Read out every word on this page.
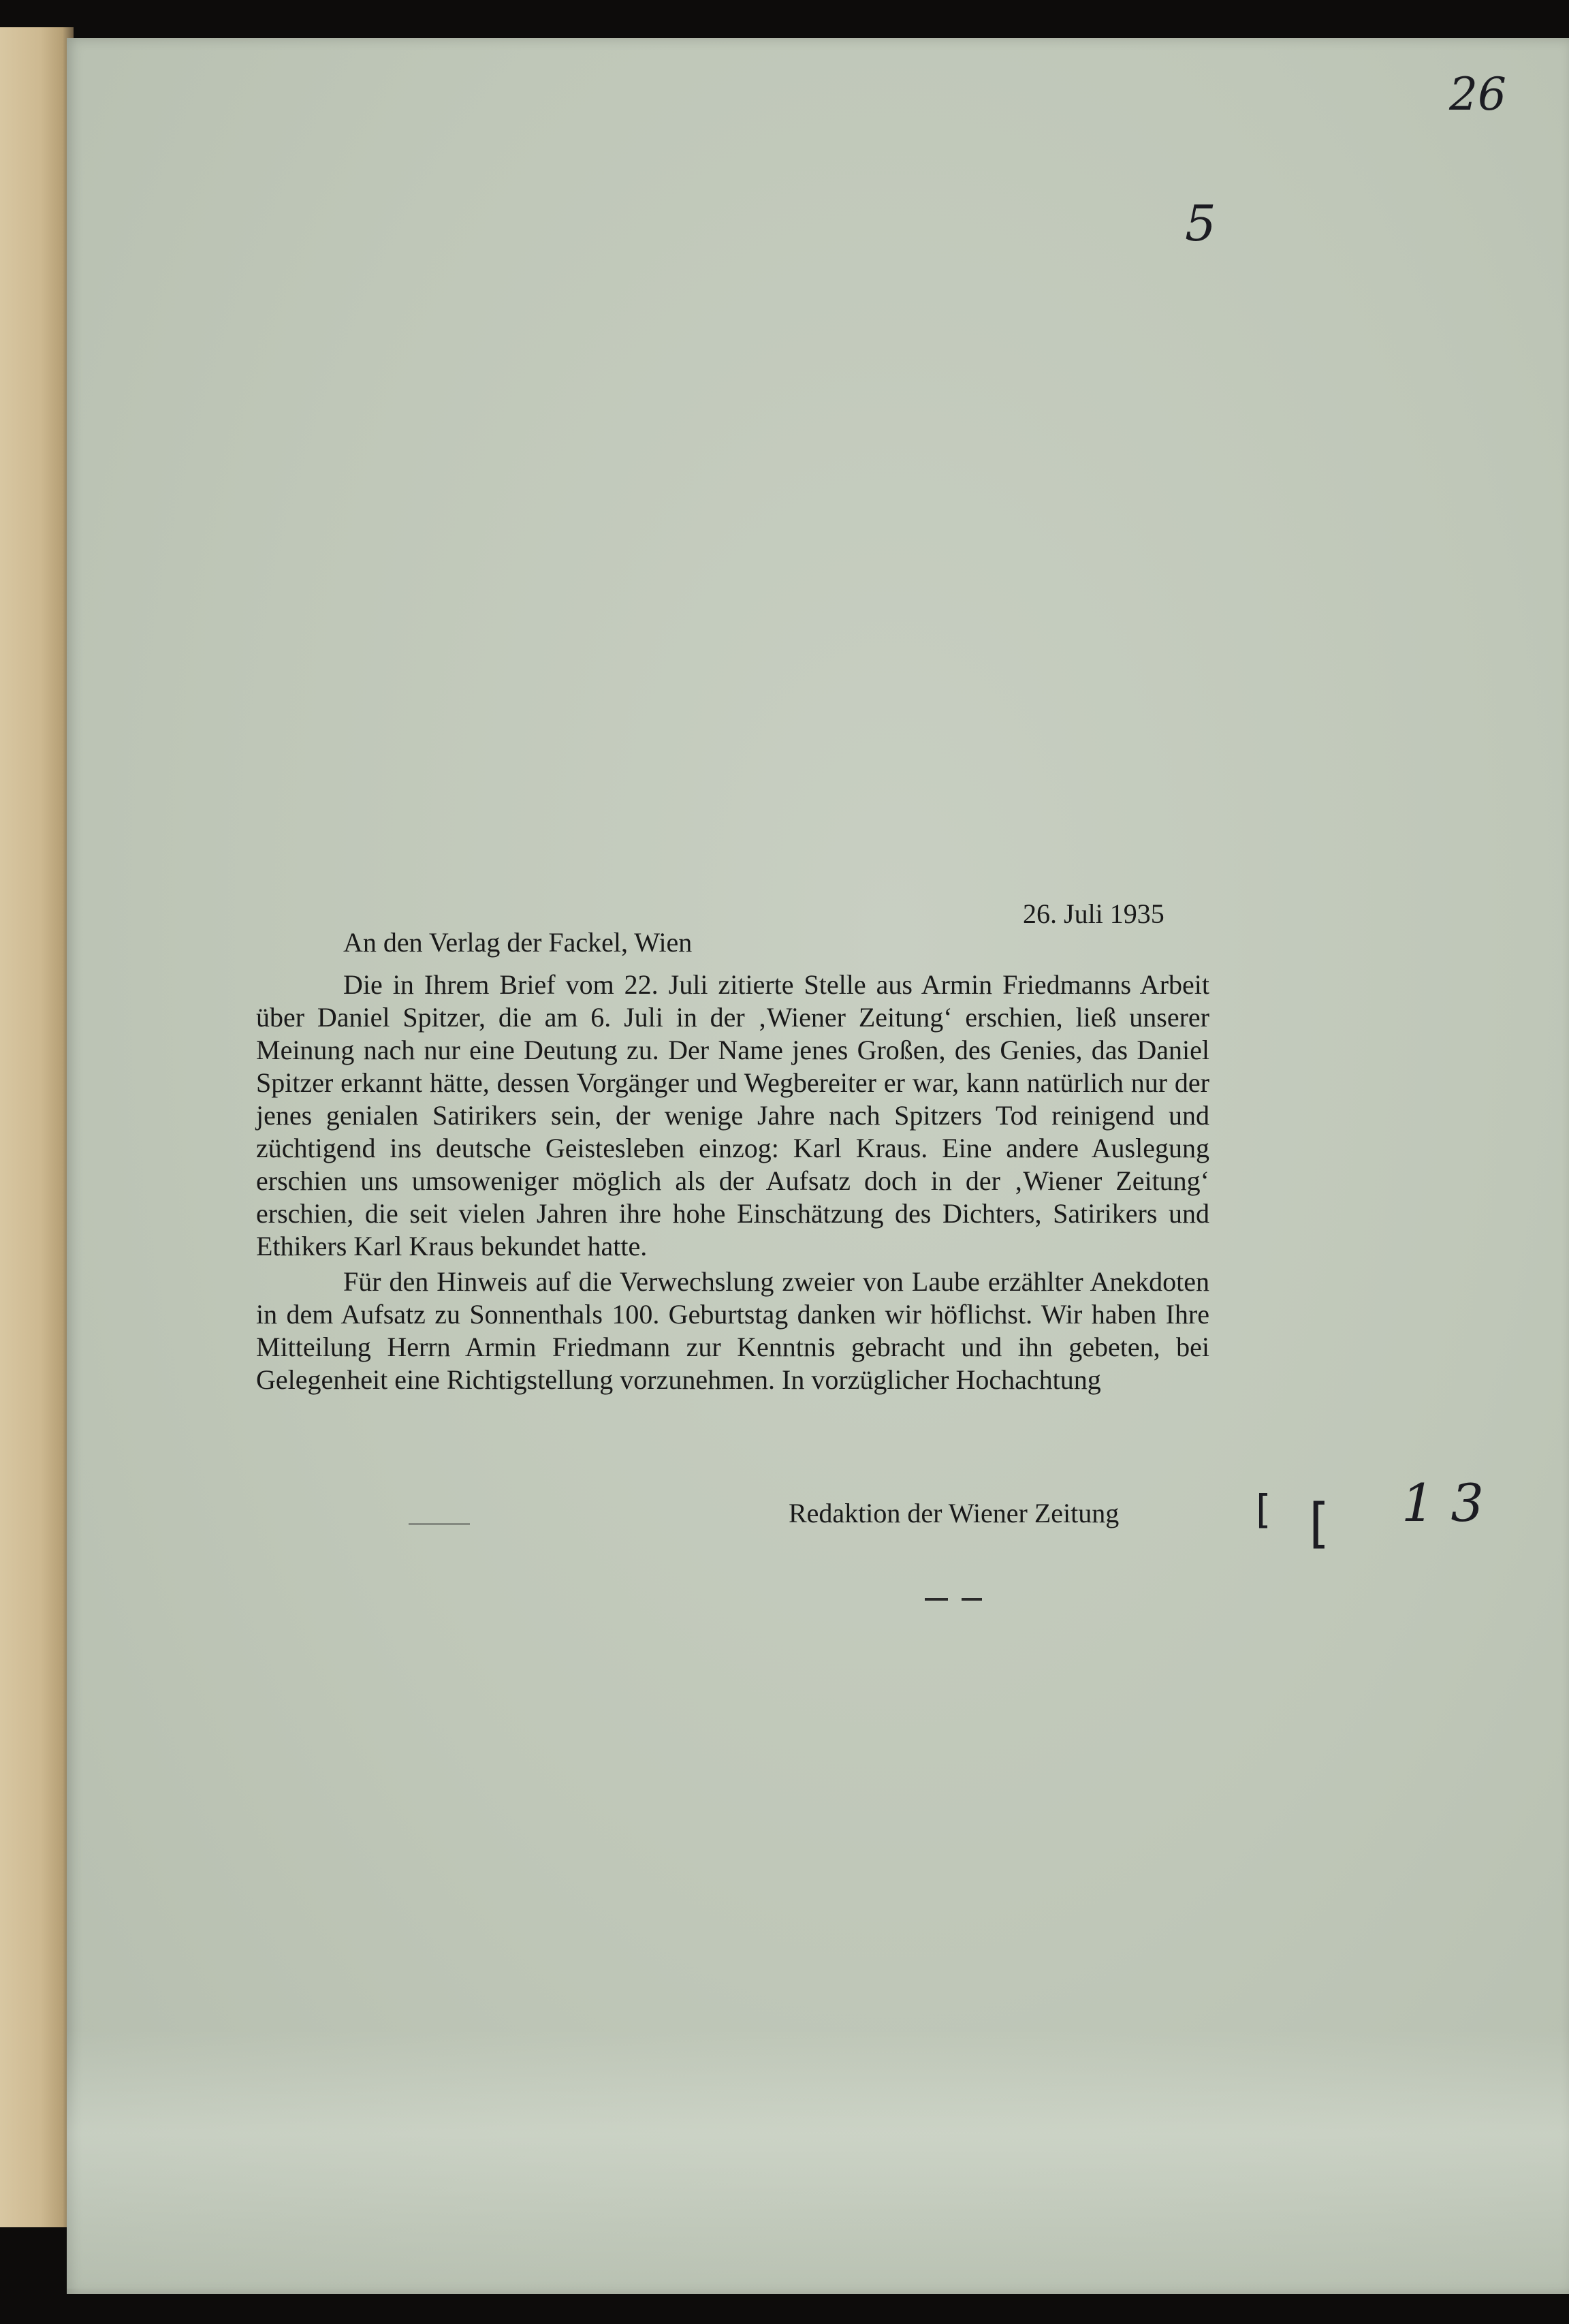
26
5
26. Juli 1935
An den Verlag der Fackel, Wien

Die in Ihrem Brief vom 22. Juli zitierte Stelle aus Armin Friedmanns Arbeit über Daniel Spitzer, die am 6. Juli in der ‚Wiener Zeitung‘ erschien, ließ unserer Meinung nach nur eine Deutung zu. Der Name jenes Großen, des Genies, das Daniel Spitzer erkannt hätte, dessen Vorgänger und Wegbereiter er war, kann natürlich nur der jenes genialen Satirikers sein, der wenige Jahre nach Spitzers Tod reinigend und züchtigend ins deutsche Geistesleben einzog: Karl Kraus. Eine andere Auslegung erschien uns umsoweniger möglich als der Aufsatz doch in der ‚Wiener Zeitung‘ erschien, die seit vielen Jahren ihre hohe Einschätzung des Dichters, Satirikers und Ethikers Karl Kraus bekundet hatte.

Für den Hinweis auf die Verwechslung zweier von Laube erzählter Anekdoten in dem Aufsatz zu Sonnenthals 100. Geburtstag danken wir höflichst. Wir haben Ihre Mitteilung Herrn Armin Friedmann zur Kenntnis gebracht und ihn gebeten, bei Gelegenheit eine Richtigstellung vorzunehmen. In vorzüglicher Hochachtung

Redaktion der Wiener Zeitung	[ [ 1 3
